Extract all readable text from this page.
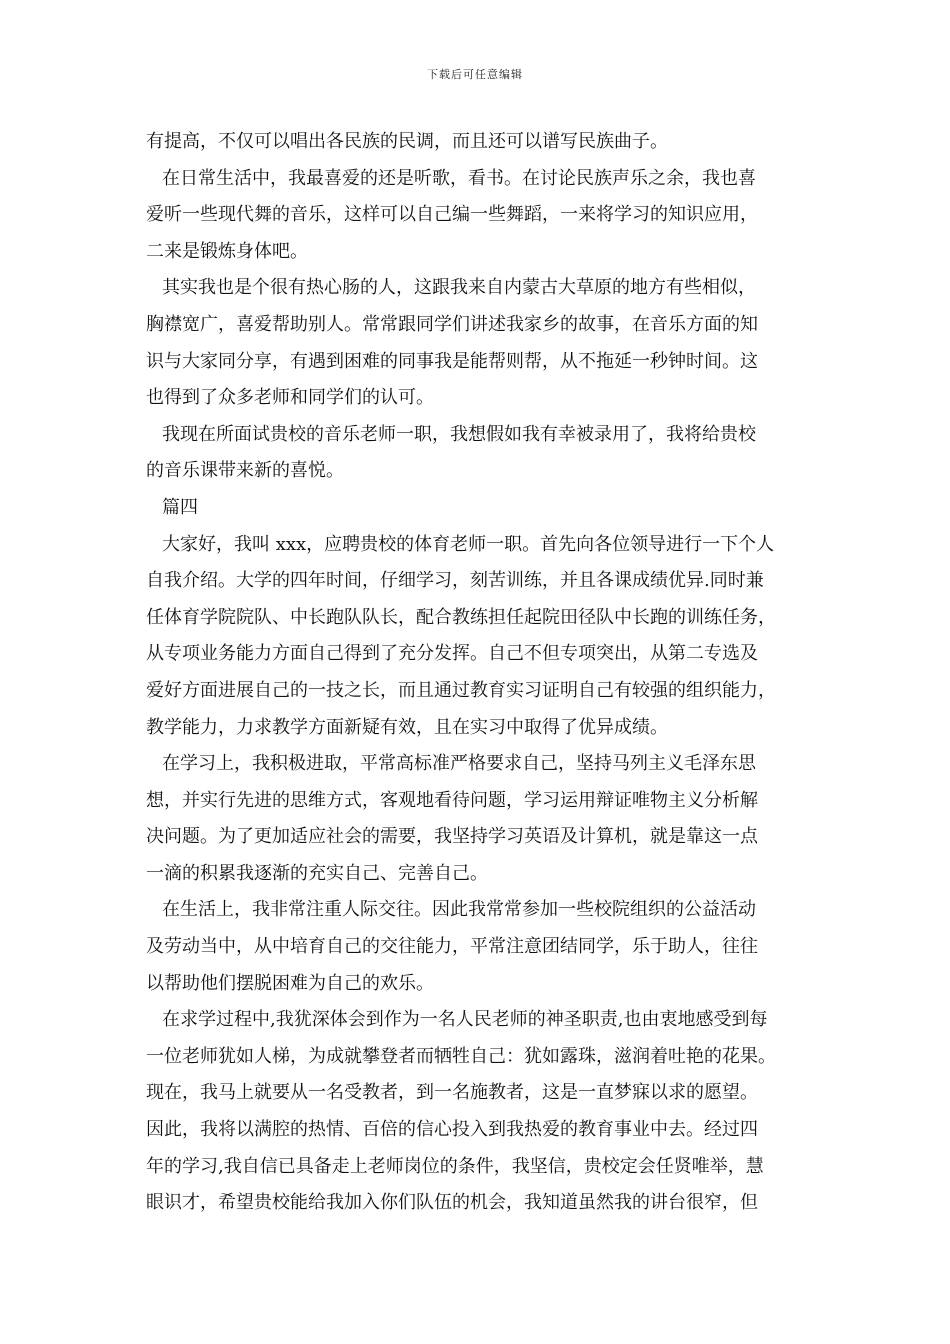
下载后可任意编辑
有提高，不仅可以唱出各民族的民调，而且还可以谱写民族曲子。
在日常生活中，我最喜爱的还是听歌，看书。在讨论民族声乐之余，我也喜
爱听一些现代舞的音乐，这样可以自己编一些舞蹈，一来将学习的知识应用，
二来是锻炼身体吧。
其实我也是个很有热心肠的人，这跟我来自内蒙古大草原的地方有些相似，
胸襟宽广，喜爱帮助别人。常常跟同学们讲述我家乡的故事，在音乐方面的知
识与大家同分享，有遇到困难的同事我是能帮则帮，从不拖延一秒钟时间。这
也得到了众多老师和同学们的认可。
我现在所面试贵校的音乐老师一职，我想假如我有幸被录用了，我将给贵校
的音乐课带来新的喜悦。
篇四
大家好，我叫 xxx，应聘贵校的体育老师一职。首先向各位领导进行一下个人
自我介绍。大学的四年时间，仔细学习，刻苦训练，并且各课成绩优异.同时兼
任体育学院院队、中长跑队队长，配合教练担任起院田径队中长跑的训练任务，
从专项业务能力方面自己得到了充分发挥。自己不但专项突出，从第二专选及
爱好方面进展自己的一技之长，而且通过教育实习证明自己有较强的组织能力，
教学能力，力求教学方面新疑有效，且在实习中取得了优异成绩。
在学习上，我积极进取，平常高标准严格要求自己，坚持马列主义毛泽东思
想，并实行先进的思维方式，客观地看待问题，学习运用辩证唯物主义分析解
决问题。为了更加适应社会的需要，我坚持学习英语及计算机，就是靠这一点
一滴的积累我逐渐的充实自己、完善自己。
在生活上，我非常注重人际交往。因此我常常参加一些校院组织的公益活动
及劳动当中，从中培育自己的交往能力，平常注意团结同学，乐于助人，往往
以帮助他们摆脱困难为自己的欢乐。
在求学过程中,我犹深体会到作为一名人民老师的神圣职责,也由衷地感受到每
一位老师犹如人梯，为成就攀登者而牺牲自己：犹如露珠，滋润着吐艳的花果。
现在，我马上就要从一名受教者，到一名施教者，这是一直梦寐以求的愿望。
因此，我将以满腔的热情、百倍的信心投入到我热爱的教育事业中去。经过四
年的学习,我自信已具备走上老师岗位的条件，我坚信，贵校定会任贤唯举，慧
眼识才，希望贵校能给我加入你们队伍的机会，我知道虽然我的讲台很窄，但
